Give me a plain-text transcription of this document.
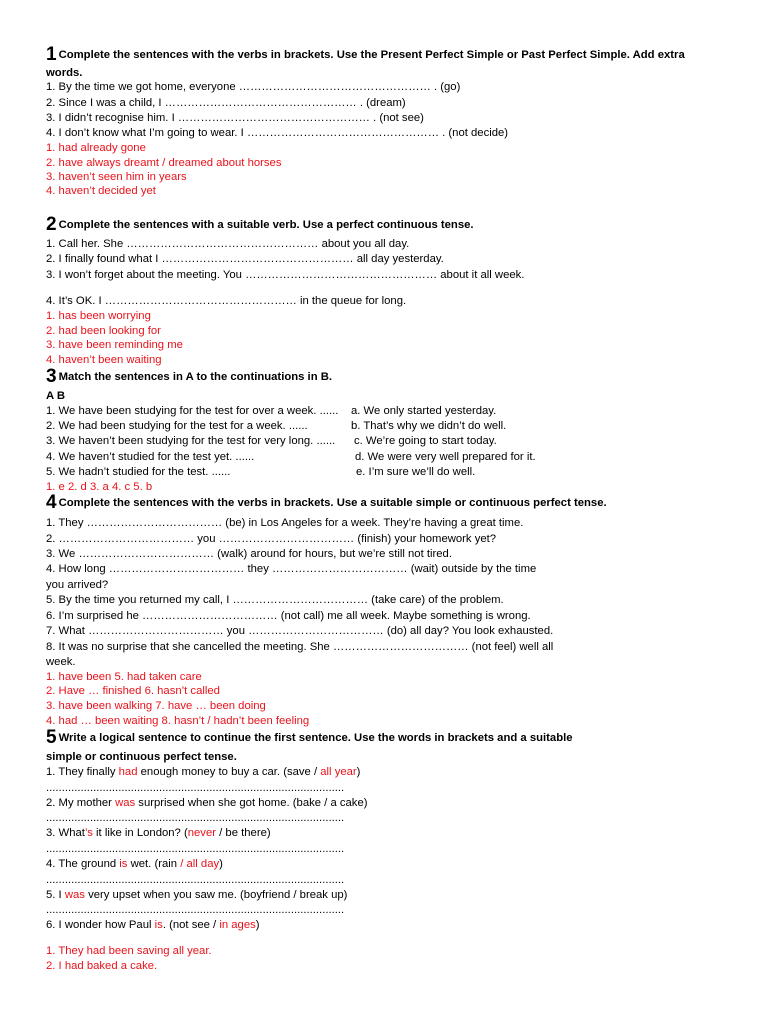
1 Complete the sentences with the verbs in brackets. Use the Present Perfect Simple or Past Perfect Simple. Add extra
words.
1. By the time we got home, everyone …………………………………………… . (go)
2. Since I was a child, I …………………………………………… . (dream)
3. I didn’t recognise him. I …………………………………………… . (not see)
4. I don’t know what I’m going to wear. I …………………………………………… . (not decide)
1. had already gone
2. have always dreamt / dreamed about horses
3. haven’t seen him in years
4. haven’t decided yet
2 Complete the sentences with a suitable verb. Use a perfect continuous tense.
1. Call her. She …………………………………………… about you all day.
2. I finally found what I …………………………………………… all day yesterday.
3. I won’t forget about the meeting. You …………………………………………… about it all week.
4. It’s OK. I …………………………………………… in the queue for long.
1. has been worrying
2. had been looking for
3. have been reminding me
4. haven’t been waiting
3 Match the sentences in A to the continuations in B.
A B
1. We have been studying for the test for over a week. ...... a. We only started yesterday.
2. We had been studying for the test for a week. ......	b. That’s why we didn’t do well.
3. We haven’t been studying for the test for very long. ...... c. We’re going to start today.
4. We haven’t studied for the test yet. ......	d. We were very well prepared for it.
5. We hadn’t studied for the test. ......	e. I’m sure we’ll do well.
1. e 2. d 3. a 4. c 5. b
4 Complete the sentences with the verbs in brackets. Use a suitable simple or continuous perfect tense.
1. They ……………………………… (be) in Los Angeles for a week. They’re having a great time.
2. ……………………………… you ……………………………… (finish) your homework yet?
3. We ……………………………… (walk) around for hours, but we’re still not tired.
4. How long ……………………………… they ……………………………… (wait) outside by the time
you arrived?
5. By the time you returned my call, I ……………………………… (take care) of the problem.
6. I’m surprised he ……………………………… (not call) me all week. Maybe something is wrong.
7. What ……………………………… you ……………………………… (do) all day? You look exhausted.
8. It was no surprise that she cancelled the meeting. She ……………………………… (not feel) well all
week.
1. have been 5. had taken care
2. Have … finished 6. hasn’t called
3. have been walking 7. have … been doing
4. had … been waiting 8. hasn’t / hadn’t been feeling
5 Write a logical sentence to continue the first sentence. Use the words in brackets and a suitable
simple or continuous perfect tense.
1. They finally had enough money to buy a car. (save / all year)
...............................................................................................
2. My mother was surprised when she got home. (bake / a cake)
...............................................................................................
3. What’s it like in London? (never / be there)
...............................................................................................
4. The ground is wet. (rain / all day)
...............................................................................................
5. I was very upset when you saw me. (boyfriend / break up)
...............................................................................................
6. I wonder how Paul is. (not see / in ages)
1. They had been saving all year.
2. I had baked a cake.
